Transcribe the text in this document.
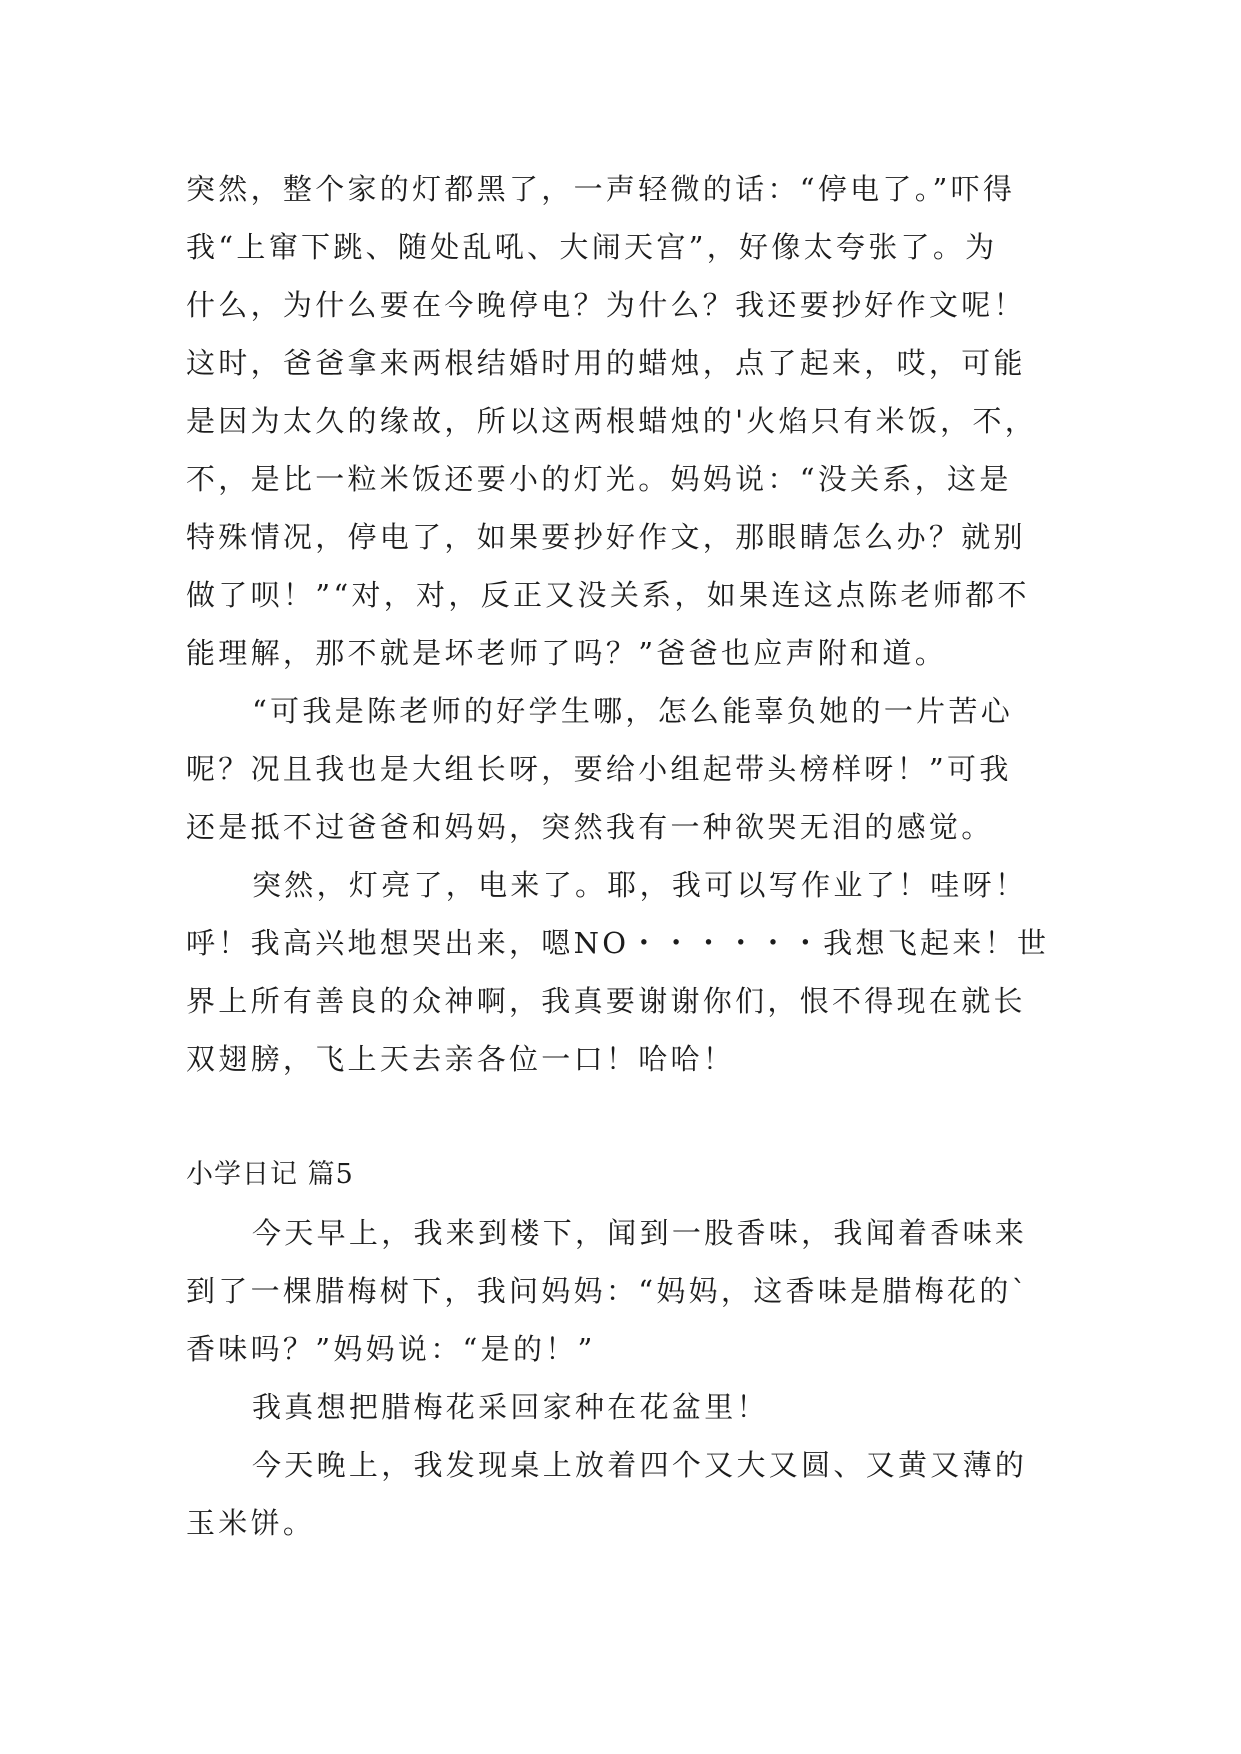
突然，整个家的灯都黑了，一声轻微的话：“停电了。”吓得
我“上窜下跳、随处乱吼、大闹天宫”，好像太夸张了。为
什么，为什么要在今晚停电？为什么？我还要抄好作文呢！
这时，爸爸拿来两根结婚时用的蜡烛，点了起来，哎，可能
是因为太久的缘故，所以这两根蜡烛的'火焰只有米饭，不，
不，是比一粒米饭还要小的灯光。妈妈说：“没关系，这是
特殊情况，停电了，如果要抄好作文，那眼睛怎么办？就别
做了呗！”“对，对，反正又没关系，如果连这点陈老师都不
能理解，那不就是坏老师了吗？”爸爸也应声附和道。
“可我是陈老师的好学生哪，怎么能辜负她的一片苦心
呢？况且我也是大组长呀，要给小组起带头榜样呀！”可我
还是抵不过爸爸和妈妈，突然我有一种欲哭无泪的感觉。
突然，灯亮了，电来了。耶，我可以写作业了！哇呀！
呼！我高兴地想哭出来，嗯NO・・・・・・我想飞起来！世
界上所有善良的众神啊，我真要谢谢你们，恨不得现在就长
双翅膀，飞上天去亲各位一口！哈哈！
小学日记 篇5
今天早上，我来到楼下，闻到一股香味，我闻着香味来
到了一棵腊梅树下，我问妈妈：“妈妈，这香味是腊梅花的`
香味吗？”妈妈说：“是的！”
我真想把腊梅花采回家种在花盆里！
今天晚上，我发现桌上放着四个又大又圆、又黄又薄的
玉米饼。
